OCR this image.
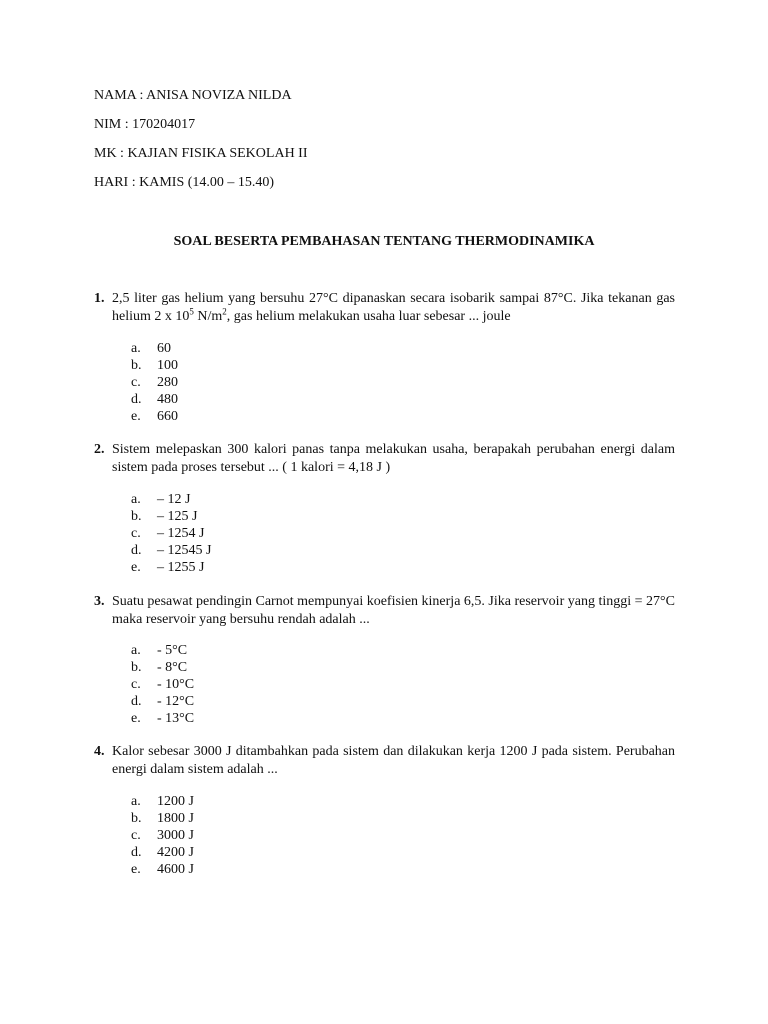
NAMA : ANISA NOVIZA NILDA
NIM : 170204017
MK : KAJIAN FISIKA SEKOLAH II
HARI : KAMIS (14.00 – 15.40)
SOAL BESERTA PEMBAHASAN TENTANG THERMODINAMIKA
1. 2,5 liter gas helium yang bersuhu 27°C dipanaskan secara isobarik sampai 87°C. Jika tekanan gas helium 2 x $10^5$ $N/m^2$, gas helium melakukan usaha luar sebesar ... joule
a. 60
b. 100
c. 280
d. 480
e. 660
2. Sistem melepaskan 300 kalori panas tanpa melakukan usaha, berapakah perubahan energi dalam sistem pada proses tersebut ... ( 1 kalori = 4,18 J )
a. – 12 J
b. – 125 J
c. – 1254 J
d. – 12545 J
e. – 1255 J
3. Suatu pesawat pendingin Carnot mempunyai koefisien kinerja 6,5. Jika reservoir yang tinggi = 27°C maka reservoir yang bersuhu rendah adalah ...
a. - 5°C
b. - 8°C
c. - 10°C
d. - 12°C
e. - 13°C
4. Kalor sebesar 3000 J ditambahkan pada sistem dan dilakukan kerja 1200 J pada sistem. Perubahan energi dalam sistem adalah ...
a. 1200 J
b. 1800 J
c. 3000 J
d. 4200 J
e. 4600 J
